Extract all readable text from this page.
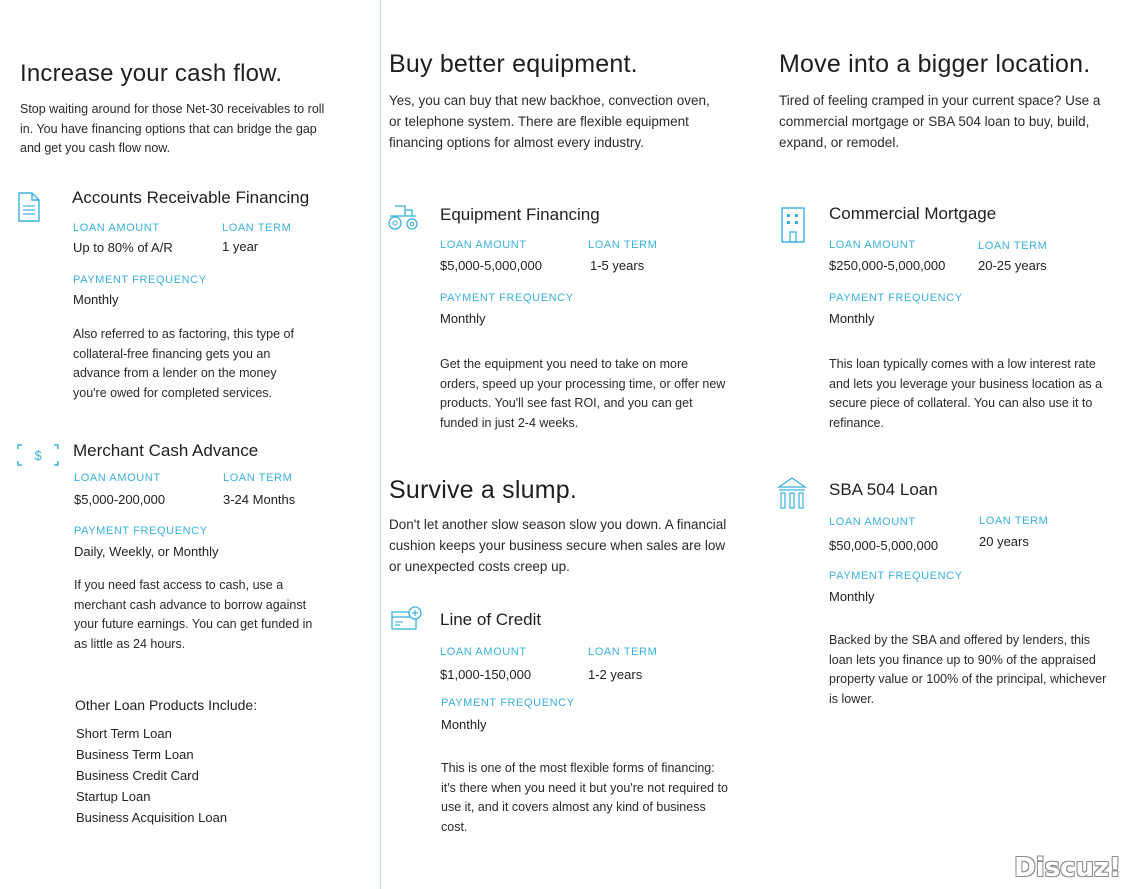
Increase your cash flow.

Stop waiting around for those Net-30 receivables to roll in. You have financing options that can bridge the gap and get you cash flow now.

Accounts Receivable Financing
LOAN AMOUNT	LOAN TERM
Up to 80% of A/R	1 year
PAYMENT FREQUENCY
Monthly

Also referred to as factoring, this type of collateral-free financing gets you an advance from a lender on the money you're owed for completed services.

$ Merchant Cash Advance
LOAN AMOUNT	LOAN TERM
$5,000-200,000	3-24 Months
PAYMENT FREQUENCY
Daily, Weekly, or Monthly

If you need fast access to cash, use a merchant cash advance to borrow against your future earnings. You can get funded in as little as 24 hours.

Other Loan Products Include:
Short Term Loan
Business Term Loan
Business Credit Card
Startup Loan
Business Acquisition Loan
Buy better equipment.

Yes, you can buy that new backhoe, convection oven, or telephone system. There are flexible equipment financing options for almost every industry.

Equipment Financing
LOAN AMOUNT	LOAN TERM
$5,000-5,000,000	1-5 years
PAYMENT FREQUENCY
Monthly

Get the equipment you need to take on more orders, speed up your processing time, or offer new products. You'll see fast ROI, and you can get funded in just 2-4 weeks.

Survive a slump.

Don't let another slow season slow you down. A financial cushion keeps your business secure when sales are low or unexpected costs creep up.

Line of Credit
LOAN AMOUNT	LOAN TERM
$1,000-150,000	1-2 years
PAYMENT FREQUENCY
Monthly

This is one of the most flexible forms of financing: it's there when you need it but you're not required to use it, and it covers almost any kind of business cost.

Move into a bigger location.

Tired of feeling cramped in your current space? Use a commercial mortgage or SBA 504 loan to buy, build, expand, or remodel.

Commercial Mortgage
LOAN AMOUNT	LOAN TERM
$250,000-5,000,000	20-25 years
PAYMENT FREQUENCY
Monthly

This loan typically comes with a low interest rate and lets you leverage your business location as a secure piece of collateral. You can also use it to refinance.

SBA 504 Loan
LOAN AMOUNT	LOAN TERM
$50,000-5,000,000	20 years
PAYMENT FREQUENCY
Monthly

Backed by the SBA and offered by lenders, this loan lets you finance up to 90% of the appraised property value or 100% of the principal, whichever is lower.

Discuz!
